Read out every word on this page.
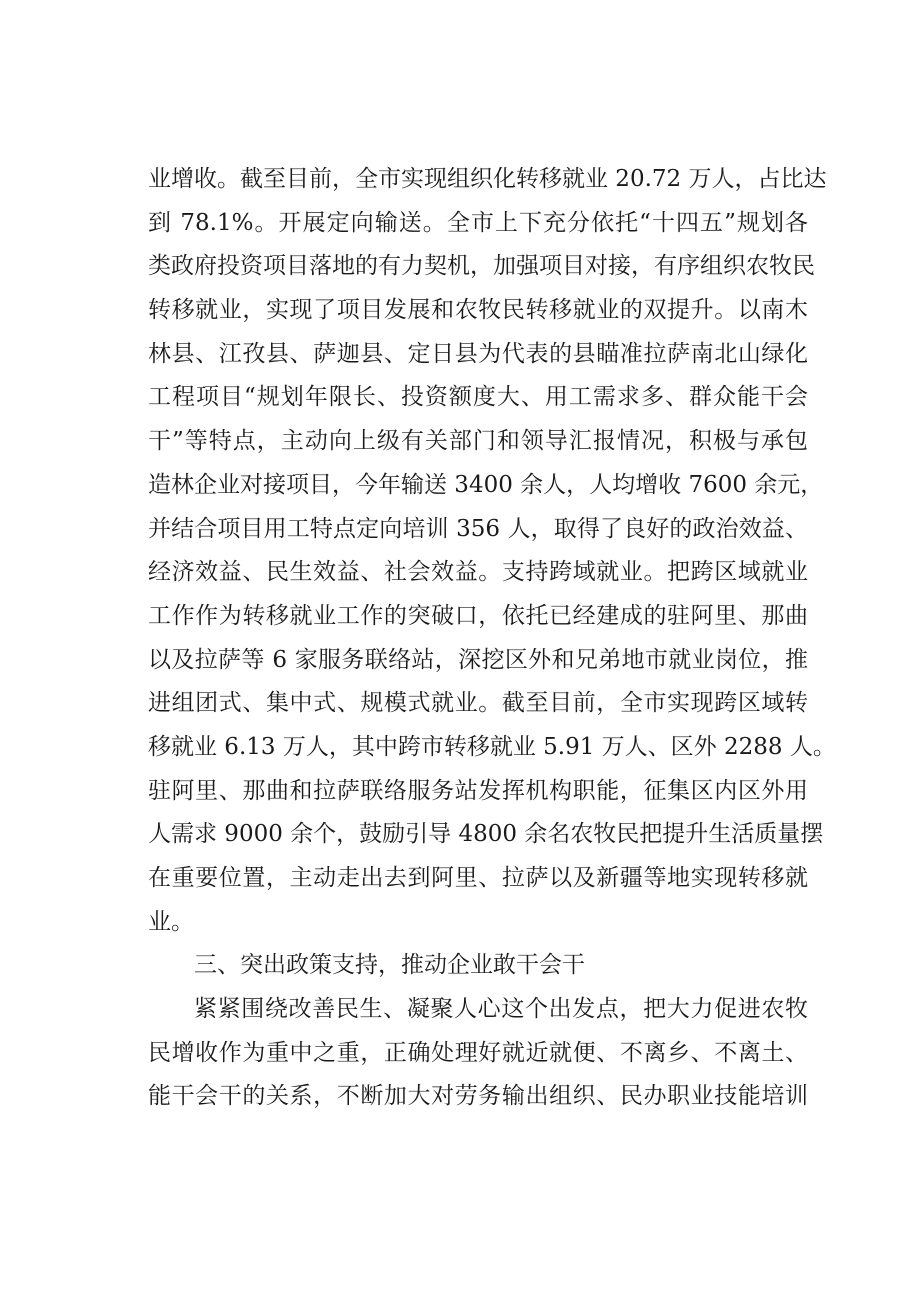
业增收。截至目前，全市实现组织化转移就业 20.72 万人，占比达
到 78.1%。开展定向输送。全市上下充分依托“十四五”规划各
类政府投资项目落地的有力契机，加强项目对接，有序组织农牧民
转移就业，实现了项目发展和农牧民转移就业的双提升。以南木
林县、江孜县、萨迦县、定日县为代表的县瞄准拉萨南北山绿化
工程项目“规划年限长、投资额度大、用工需求多、群众能干会
干”等特点，主动向上级有关部门和领导汇报情况，积极与承包
造林企业对接项目，今年输送 3400 余人，人均增收 7600 余元，
并结合项目用工特点定向培训 356 人，取得了良好的政治效益、
经济效益、民生效益、社会效益。支持跨域就业。把跨区域就业
工作作为转移就业工作的突破口，依托已经建成的驻阿里、那曲
以及拉萨等 6 家服务联络站，深挖区外和兄弟地市就业岗位，推
进组团式、集中式、规模式就业。截至目前，全市实现跨区域转
移就业 6.13 万人，其中跨市转移就业 5.91 万人、区外 2288 人。
驻阿里、那曲和拉萨联络服务站发挥机构职能，征集区内区外用
人需求 9000 余个，鼓励引导 4800 余名农牧民把提升生活质量摆
在重要位置，主动走出去到阿里、拉萨以及新疆等地实现转移就
业。
三、突出政策支持，推动企业敢干会干
紧紧围绕改善民生、凝聚人心这个出发点，把大力促进农牧
民增收作为重中之重，正确处理好就近就便、不离乡、不离土、
能干会干的关系，不断加大对劳务输出组织、民办职业技能培训
